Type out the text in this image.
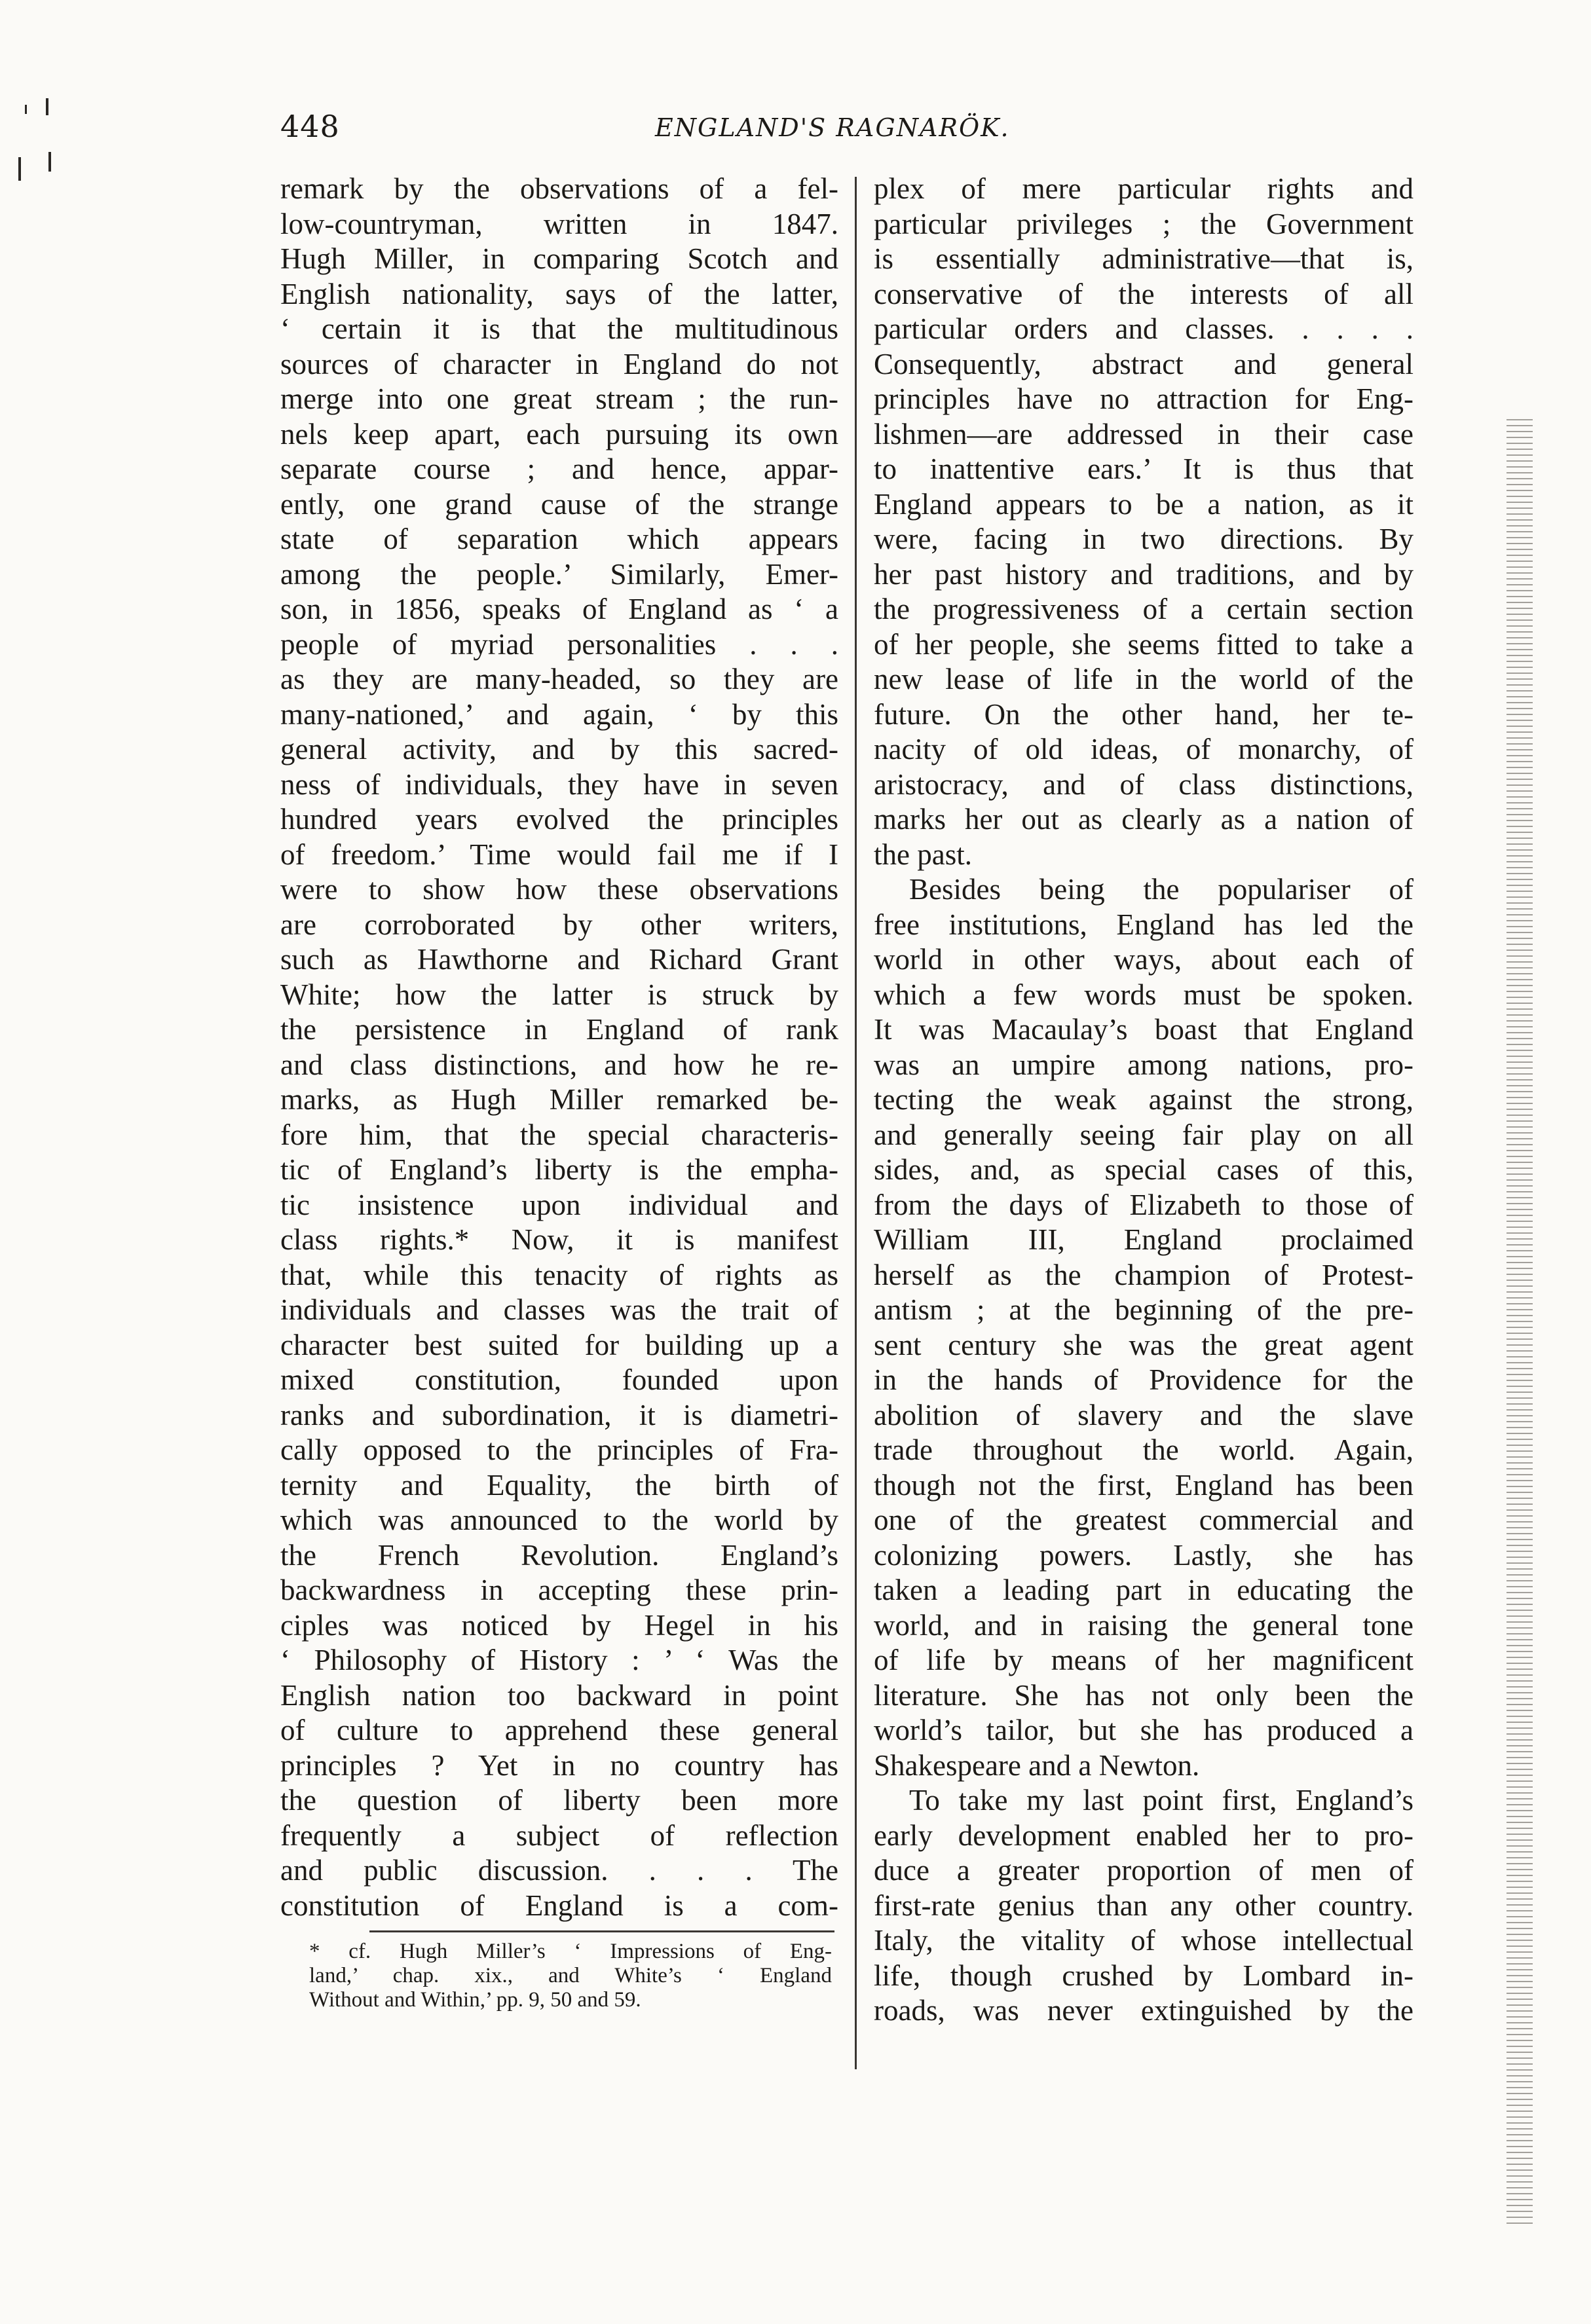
448	ENGLAND'S RAGNARÖK.
remark by the observations of a fel-
low-countryman, written in 1847.
Hugh Miller, in comparing Scotch and
English nationality, says of the latter,
‘ certain it is that the multitudinous
sources of character in England do not
merge into one great stream ; the run-
nels keep apart, each pursuing its own
separate course ; and hence, appar-
ently, one grand cause of the strange
state of separation which appears
among the people.’ Similarly, Emer-
son, in 1856, speaks of England as ‘ a
people of myriad personalities . . .
as they are many-headed, so they are
many-nationed,’ and again, ‘ by this
general activity, and by this sacred-
ness of individuals, they have in seven
hundred years evolved the principles
of freedom.’ Time would fail me if I
were to show how these observations
are corroborated by other writers,
such as Hawthorne and Richard Grant
White; how the latter is struck by
the persistence in England of rank
and class distinctions, and how he re-
marks, as Hugh Miller remarked be-
fore him, that the special characteris-
tic of England’s liberty is the empha-
tic insistence upon individual and
class rights.* Now, it is manifest
that, while this tenacity of rights as
individuals and classes was the trait of
character best suited for building up a
mixed constitution, founded upon
ranks and subordination, it is diametri-
cally opposed to the principles of Fra-
ternity and Equality, the birth of
which was announced to the world by
the French Revolution. England’s
backwardness in accepting these prin-
ciples was noticed by Hegel in his
‘ Philosophy of History : ’ ‘ Was the
English nation too backward in point
of culture to apprehend these general
principles ? Yet in no country has
the question of liberty been more
frequently a subject of reflection
and public discussion. . . . The
constitution of England is a com-
plex of mere particular rights and
particular privileges ; the Government
is essentially administrative—that is,
conservative of the interests of all
particular orders and classes. . . . .
Consequently, abstract and general
principles have no attraction for Eng-
lishmen—are addressed in their case
to inattentive ears.’ It is thus that
England appears to be a nation, as it
were, facing in two directions. By
her past history and traditions, and by
the progressiveness of a certain section
of her people, she seems fitted to take a
new lease of life in the world of the
future. On the other hand, her te-
nacity of old ideas, of monarchy, of
aristocracy, and of class distinctions,
marks her out as clearly as a nation of
the past.
Besides being the populariser of
free institutions, England has led the
world in other ways, about each of
which a few words must be spoken.
It was Macaulay’s boast that England
was an umpire among nations, pro-
tecting the weak against the strong,
and generally seeing fair play on all
sides, and, as special cases of this,
from the days of Elizabeth to those of
William III, England proclaimed
herself as the champion of Protest-
antism ; at the beginning of the pre-
sent century she was the great agent
in the hands of Providence for the
abolition of slavery and the slave
trade throughout the world. Again,
though not the first, England has been
one of the greatest commercial and
colonizing powers. Lastly, she has
taken a leading part in educating the
world, and in raising the general tone
of life by means of her magnificent
literature. She has not only been the
world’s tailor, but she has produced a
Shakespeare and a Newton.
To take my last point first, England’s
early development enabled her to pro-
duce a greater proportion of men of
first-rate genius than any other country.
Italy, the vitality of whose intellectual
life, though crushed by Lombard in-
roads, was never extinguished by the
* cf. Hugh Miller’s ‘ Impressions of Eng-
land,’ chap. xix., and White’s ‘ England
Without and Within,’ pp. 9, 50 and 59.
